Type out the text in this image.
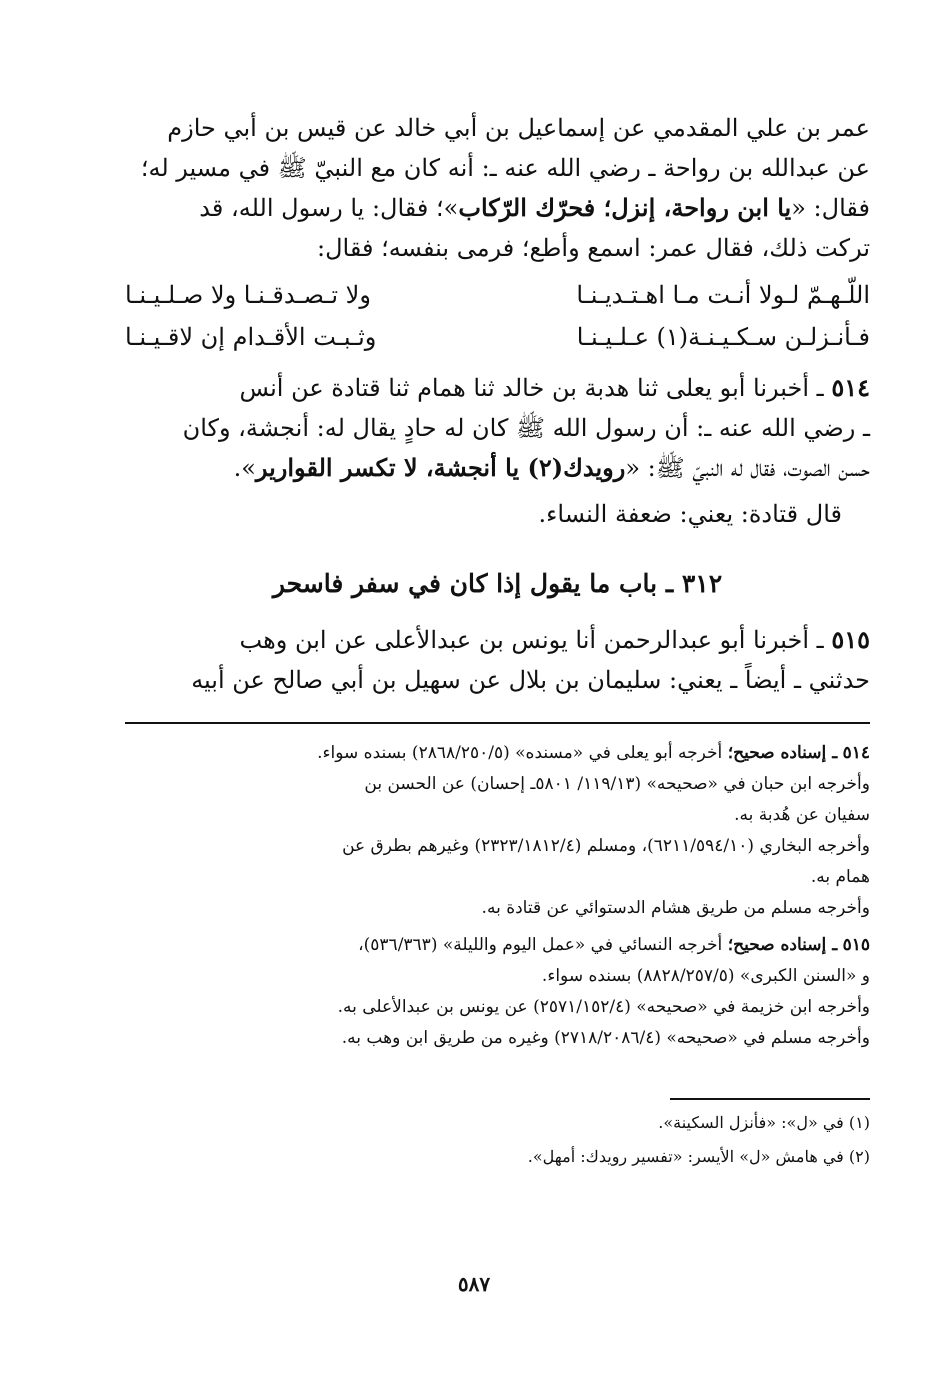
عمر بن علي المقدمي عن إسماعيل بن أبي خالد عن قيس بن أبي حازم

عن عبدالله بن رواحة ـ رضي الله عنه ـ: أنه كان مع النبيّ ﷺ في مسير له؛

فقال: «يا ابن رواحة، إنزل؛ فحرّك الرّكاب»؛ فقال: يا رسول الله، قد

تركت ذلك، فقال عمر: اسمع وأطع؛ فرمى بنفسه؛ فقال:

اللّـهـمّ لـولا أنـت مـا اهـتـديـنـا
ولا تـصـدقـنـا ولا صـلـيـنـا
فـأنـزلـن سـكـيـنـة(١) عـلـيـنـا
وثـبـت الأقـدام إن لاقـيـنـا

٥١٤ ـ أخبرنا أبو يعلى ثنا هدبة بن خالد ثنا همام ثنا قتادة عن أنس

ـ رضي الله عنه ـ: أن رسول الله ﷺ كان له حادٍ يقال له: أنجشة، وكان

حسن الصوت، فقال له النبيّ ﷺ: «رويدك(٢) يا أنجشة، لا تكسر القوارير».

قال قتادة: يعني: ضعفة النساء.

٣١٢ ـ باب ما يقول إذا كان في سفر فاسحر

٥١٥ ـ أخبرنا أبو عبدالرحمن أنا يونس بن عبدالأعلى عن ابن وهب

حدثني ـ أيضاً ـ يعني: سليمان بن بلال عن سهيل بن أبي صالح عن أبيه

٥١٤ ـ إسناده صحيح؛ أخرجه أبو يعلى في «مسنده» (٢٨٦٨/٢٥٠/٥) بسنده سواء.

وأخرجه ابن حبان في «صحيحه» (١١٩/١٣/ ٥٨٠١ـ إحسان) عن الحسن بن

سفيان عن هُدبة به.

وأخرجه البخاري (٦٢١١/٥٩٤/١٠)، ومسلم (٢٣٢٣/١٨١٢/٤) وغيرهم بطرق عن

همام به.

وأخرجه مسلم من طريق هشام الدستوائي عن قتادة به.

٥١٥ ـ إسناده صحيح؛ أخرجه النسائي في «عمل اليوم والليلة» (٥٣٦/٣٦٣)،

و «السنن الكبرى» (٨٨٢٨/٢٥٧/٥) بسنده سواء.

وأخرجه ابن خزيمة في «صحيحه» (٢٥٧١/١٥٢/٤) عن يونس بن عبدالأعلى به.

وأخرجه مسلم في «صحيحه» (٢٧١٨/٢٠٨٦/٤) وغيره من طريق ابن وهب به.

(١) في «ل»: «فأنزل السكينة».

(٢) في هامش «ل» الأيسر: «تفسير رويدك: أمهل».

٥٨٧
